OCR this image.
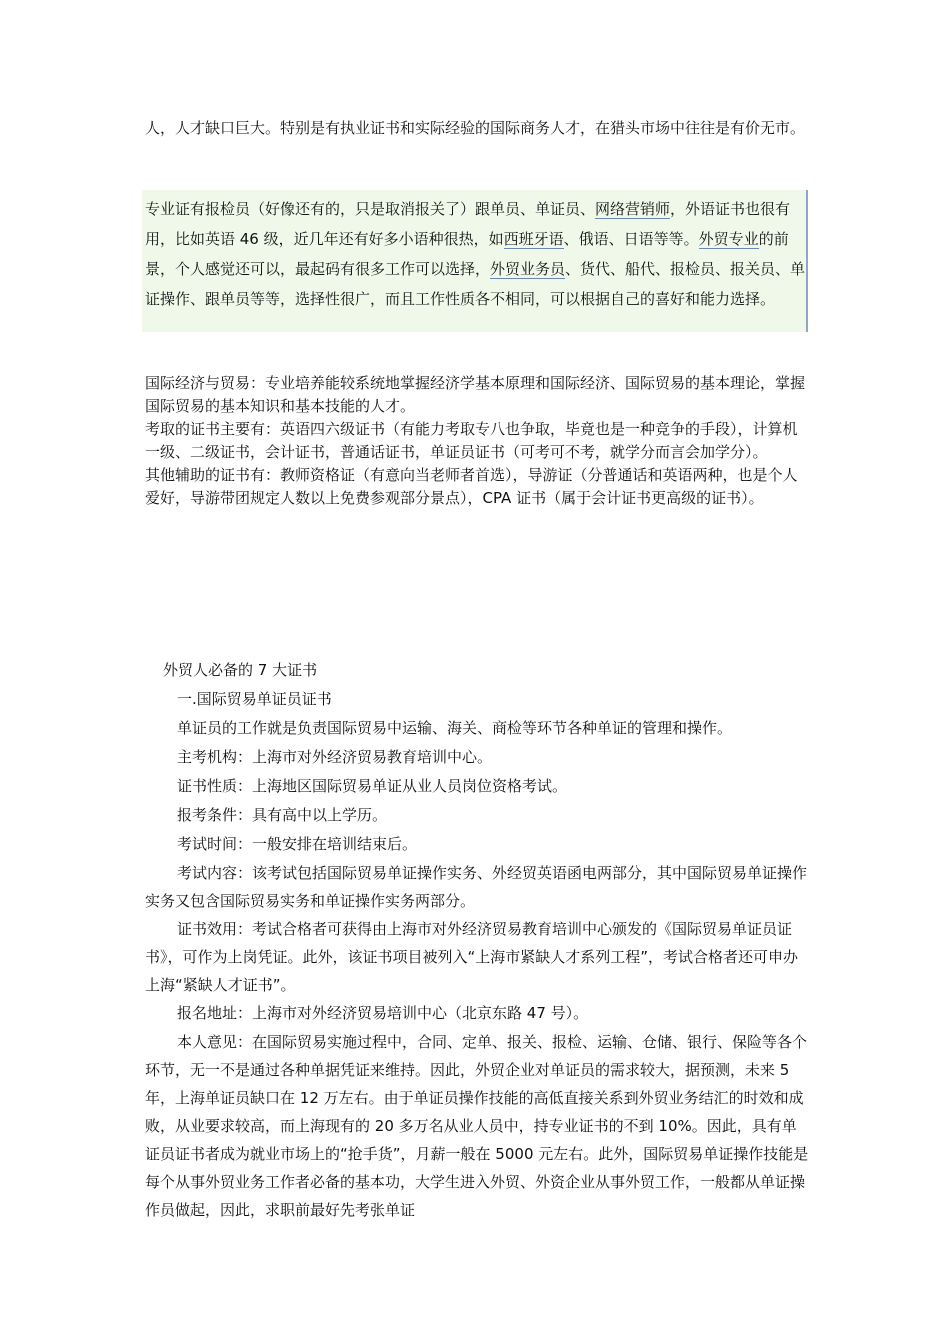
人，人才缺口巨大。特别是有执业证书和实际经验的国际商务人才，在猎头市场中往往是有价无市。

专业证有报检员（好像还有的，只是取消报关了）跟单员、单证员、网络营销师，外语证书也很有用，比如英语 46 级，近几年还有好多小语种很热，如西班牙语、俄语、日语等等。外贸专业的前景，个人感觉还可以，最起码有很多工作可以选择，外贸业务员、货代、船代、报检员、报关员、单证操作、跟单员等等，选择性很广，而且工作性质各不相同，可以根据自己的喜好和能力选择。

国际经济与贸易：专业培养能较系统地掌握经济学基本原理和国际经济、国际贸易的基本理论，掌握国际贸易的基本知识和基本技能的人才。

考取的证书主要有：英语四六级证书（有能力考取专八也争取，毕竟也是一种竞争的手段），计算机一级、二级证书，会计证书，普通话证书，单证员证书（可考可不考，就学分而言会加学分）。

其他辅助的证书有：教师资格证（有意向当老师者首选），导游证（分普通话和英语两种，也是个人爱好，导游带团规定人数以上免费参观部分景点），CPA 证书（属于会计证书更高级的证书）。

外贸人必备的 7 大证书

一.国际贸易单证员证书

单证员的工作就是负责国际贸易中运输、海关、商检等环节各种单证的管理和操作。

主考机构：上海市对外经济贸易教育培训中心。

证书性质：上海地区国际贸易单证从业人员岗位资格考试。

报考条件：具有高中以上学历。

考试时间：一般安排在培训结束后。

考试内容：该考试包括国际贸易单证操作实务、外经贸英语函电两部分，其中国际贸易单证操作实务又包含国际贸易实务和单证操作实务两部分。

证书效用：考试合格者可获得由上海市对外经济贸易教育培训中心颁发的《国际贸易单证员证书》，可作为上岗凭证。此外，该证书项目被列入“上海市紧缺人才系列工程”，考试合格者还可申办上海“紧缺人才证书”。

报名地址：上海市对外经济贸易培训中心（北京东路 47 号）。

本人意见：在国际贸易实施过程中，合同、定单、报关、报检、运输、仓储、银行、保险等各个环节，无一不是通过各种单据凭证来维持。因此，外贸企业对单证员的需求较大，据预测，未来 5 年，上海单证员缺口在 12 万左右。由于单证员操作技能的高低直接关系到外贸业务结汇的时效和成败，从业要求较高，而上海现有的 20 多万名从业人员中，持专业证书的不到 10%。因此，具有单证员证书者成为就业市场上的“抢手货”，月薪一般在 5000 元左右。此外，国际贸易单证操作技能是每个从事外贸业务工作者必备的基本功，大学生进入外贸、外资企业从事外贸工作，一般都从单证操作员做起，因此，求职前最好先考张单证
